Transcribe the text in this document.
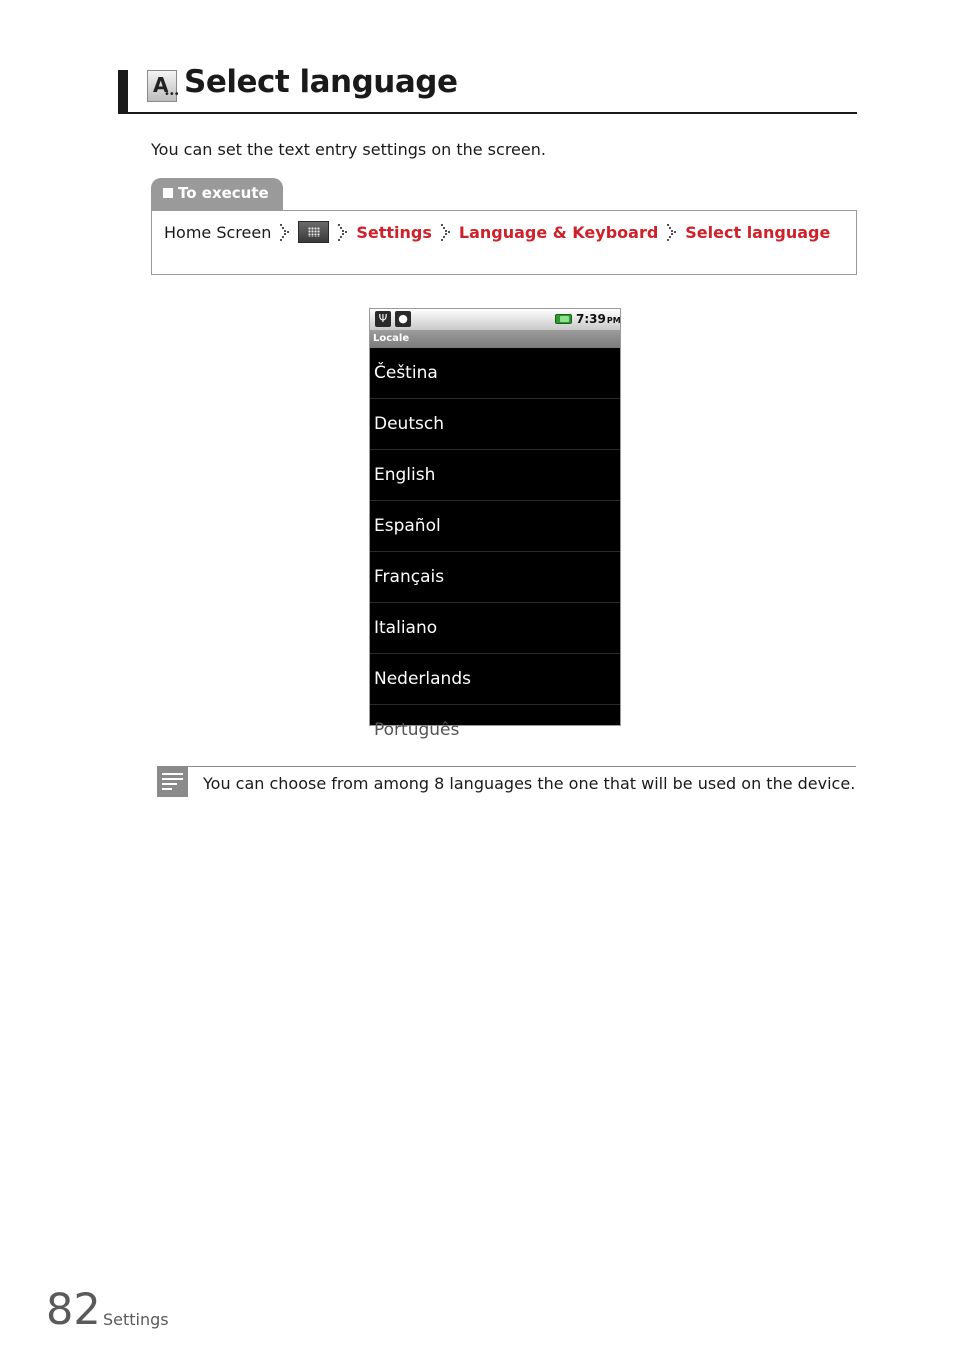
A
••• Select language
You can set the text entry settings on the screen.
To execute
Home Screen	Settings Language & Keyboard Select language
Ψ ●	7:39PM
Locale
Čeština
Deutsch
English
Español
Français
Italiano
Nederlands
Português
You can choose from among 8 languages the one that will be used on the device.
82 Settings
